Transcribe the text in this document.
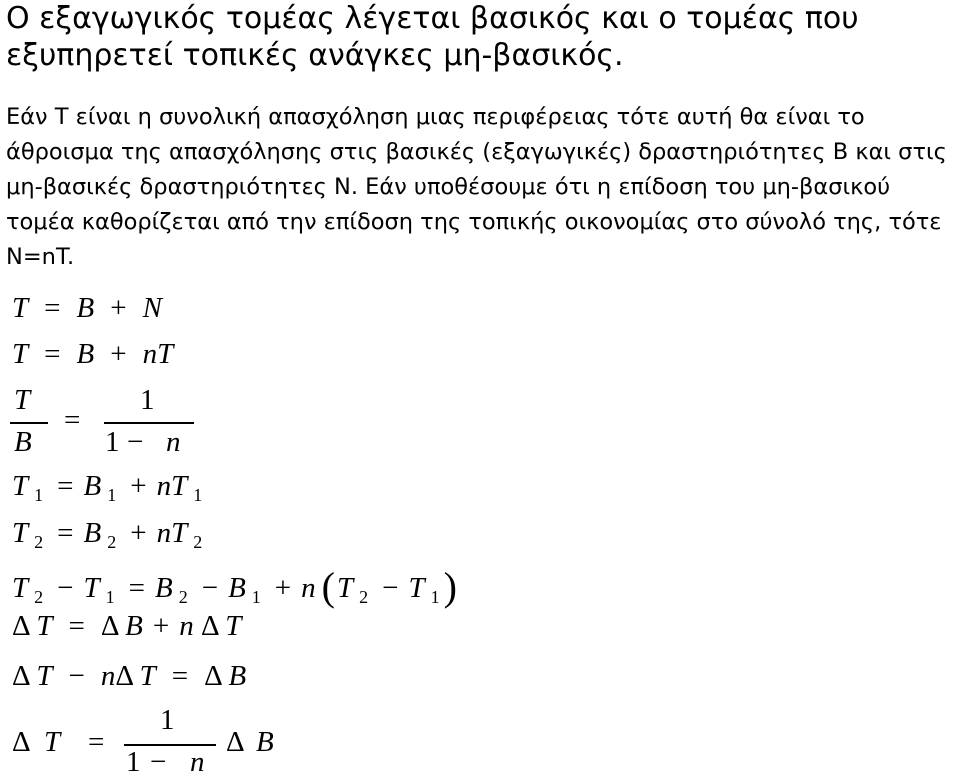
Ο εξαγωγικός τομέας λέγεται βασικός και ο τομέας που εξυπηρετεί τοπικές ανάγκες μη-βασικός.
Εάν T είναι η συνολική απασχόληση μιας περιφέρειας τότε αυτή θα είναι το άθροισμα της απασχόλησης στις βασικές (εξαγωγικές) δραστηριότητες B και στις μη-βασικές δραστηριότητες N. Εάν υποθέσουμε ότι η επίδοση του μη-βασικού τομέα καθορίζεται από την επίδοση της τοπικής οικονομίας στο σύνολό της, τότε N=nT.
T = B + N
T = B + nT
T
B
=
1
1 − n
T $_1$ = B $_1$ + nT $_1$
T $_2$ = B $_2$ + nT $_2$
T $_2$ − T $_1$ = B $_2$ − B $_1$ + n (T $_2$ − T $_1$ )
Δ T = Δ B + n Δ T
Δ T − nΔ T = Δ B
Δ T =
1
1 − n
Δ B
